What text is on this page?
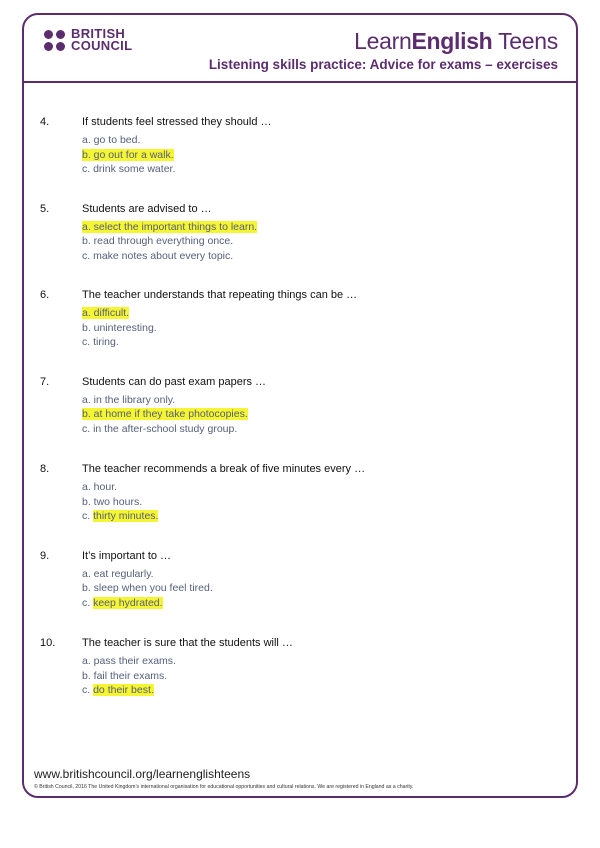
BRITISH
COUNCIL	LearnEnglish Teens
Listening skills practice: Advice for exams – exercises
4.	If students feel stressed they should …
a. go to bed.
b. go out for a walk.
c. drink some water.
5.	Students are advised to …
a. select the important things to learn.
b. read through everything once.
c. make notes about every topic.
6.	The teacher understands that repeating things can be …
a. difficult.
b. uninteresting.
c. tiring.
7.	Students can do past exam papers …
a. in the library only.
b. at home if they take photocopies.
c. in the after-school study group.
8.	The teacher recommends a break of five minutes every …
a. hour.
b. two hours.
c. thirty minutes.
9.	It’s important to …
a. eat regularly.
b. sleep when you feel tired.
c. keep hydrated.
10.	The teacher is sure that the students will …
a. pass their exams.
b. fail their exams.
c. do their best.
www.britishcouncil.org/learnenglishteens
© British Council, 2016 The United Kingdom’s international organisation for educational opportunities and cultural relations. We are registered in England as a charity.
